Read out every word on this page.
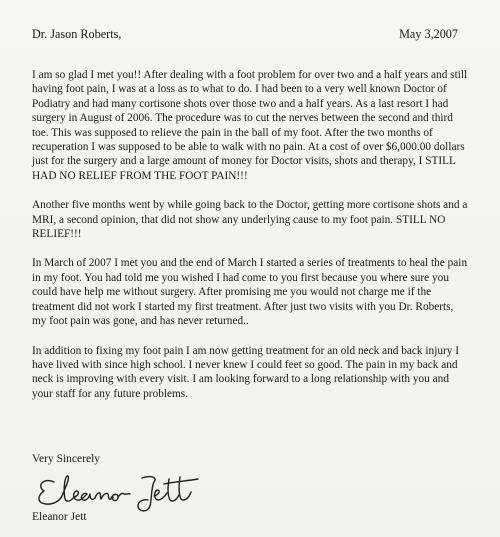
Dr. Jason Roberts,	May 3,2007

I am so glad I met you!! After dealing with a foot problem for over two and a half years and still having foot pain, I was at a loss as to what to do. I had been to a very well known Doctor of Podiatry and had many cortisone shots over those two and a half years. As a last resort I had surgery in August of 2006. The procedure was to cut the nerves between the second and third toe. This was supposed to relieve the pain in the ball of my foot. After the two months of recuperation I was supposed to be able to walk with no pain. At a cost of over $6,000.00 dollars just for the surgery and a large amount of money for Doctor visits, shots and therapy, I STILL HAD NO RELIEF FROM THE FOOT PAIN!!!

Another five months went by while going back to the Doctor, getting more cortisone shots and a MRI, a second opinion, that did not show any underlying cause to my foot pain. STILL NO RELIEF!!!

In March of 2007 I met you and the end of March I started a series of treatments to heal the pain in my foot. You had told me you wished I had come to you first because you where sure you could have help me without surgery. After promising me you would not charge me if the treatment did not work I started my first treatment. After just two visits with you Dr. Roberts, my foot pain was gone, and has never returned..

In addition to fixing my foot pain I am now getting treatment for an old neck and back injury I have lived with since high school. I never knew I could feet so good. The pain in my back and neck is improving with every visit. I am looking forward to a long relationship with you and your staff for any future problems.

Very Sincerely
Eleanor Jett
